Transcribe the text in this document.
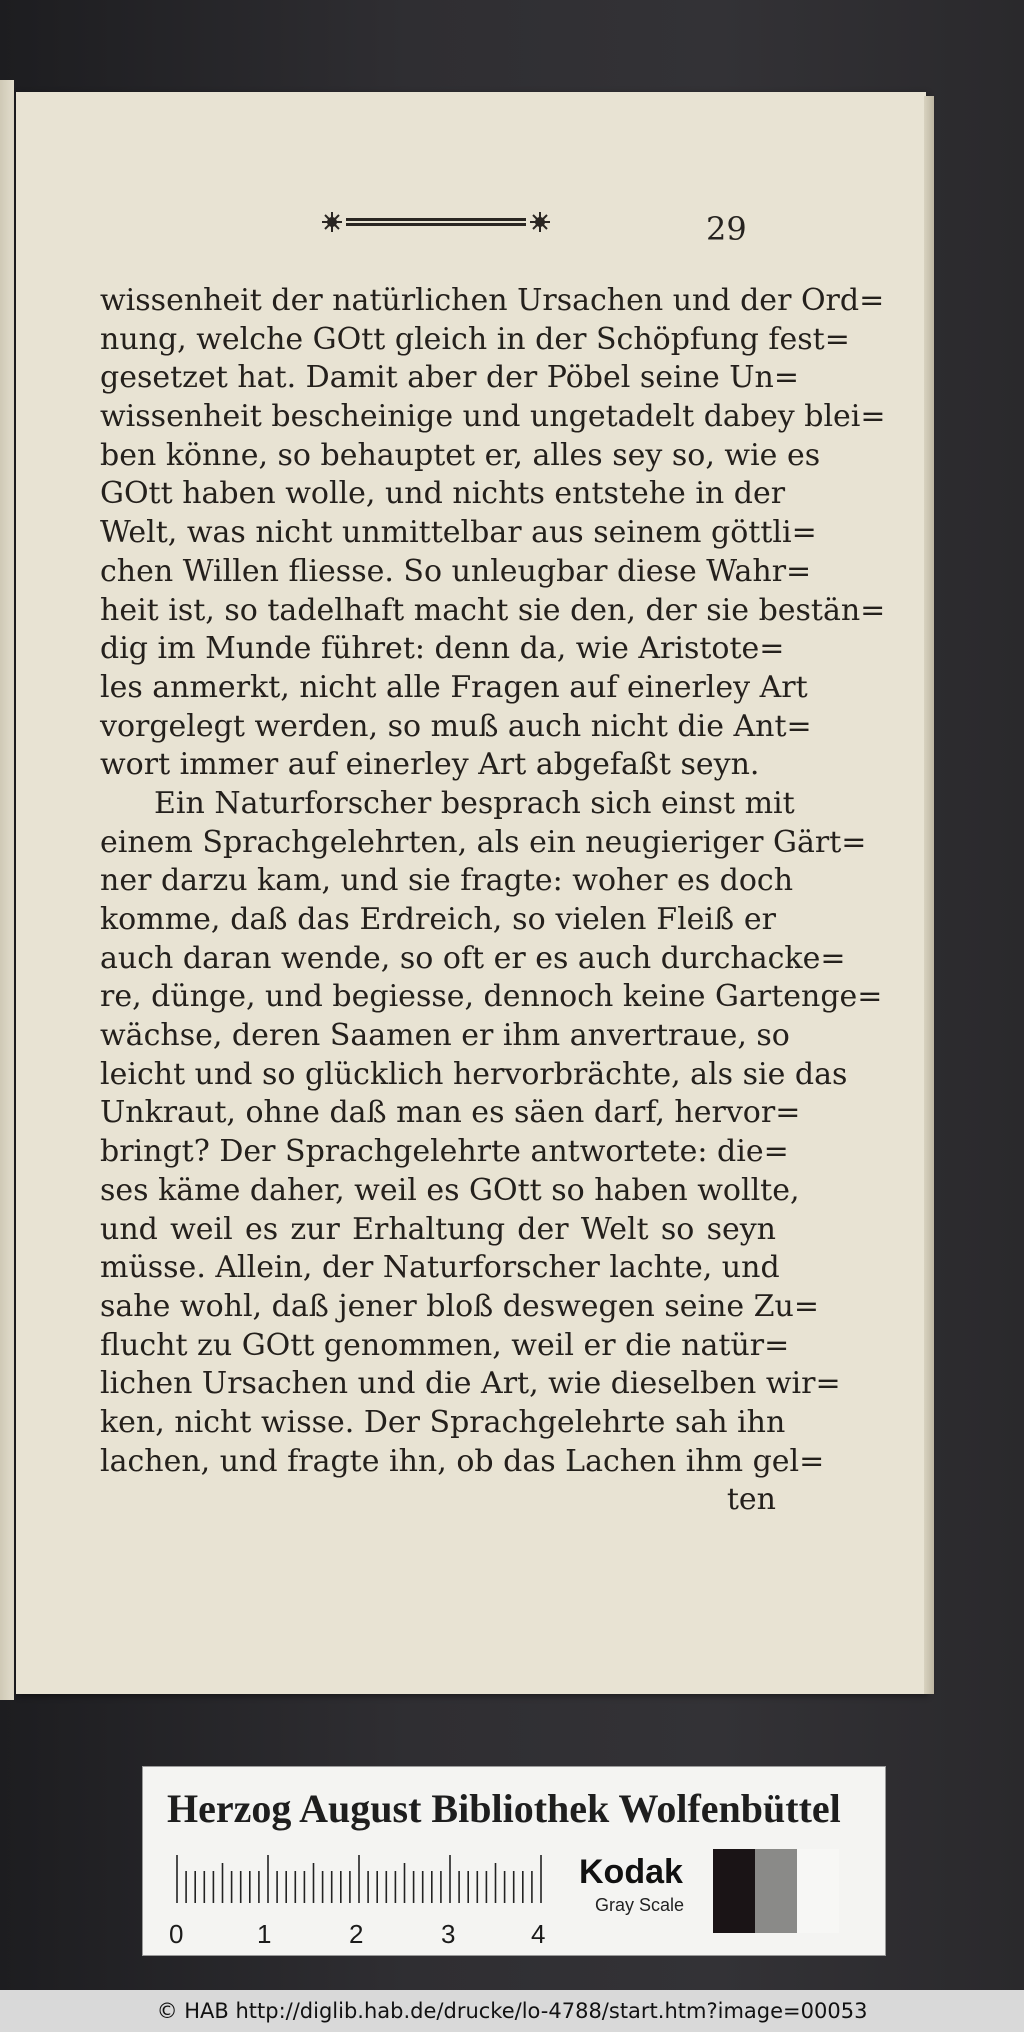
29
wissenheit der natürlichen Ursachen und der Ord=
nung, welche GOtt gleich in der Schöpfung fest=
gesetzet hat. Damit aber der Pöbel seine Un=
wissenheit bescheinige und ungetadelt dabey blei=
ben könne, so behauptet er, alles sey so, wie es
GOtt haben wolle, und nichts entstehe in der
Welt, was nicht unmittelbar aus seinem göttli=
chen Willen fliesse. So unleugbar diese Wahr=
heit ist, so tadelhaft macht sie den, der sie bestän=
dig im Munde führet: denn da, wie Aristote=
les anmerkt, nicht alle Fragen auf einerley Art
vorgelegt werden, so muß auch nicht die Ant=
wort immer auf einerley Art abgefaßt seyn.
Ein Naturforscher besprach sich einst mit
einem Sprachgelehrten, als ein neugieriger Gärt=
ner darzu kam, und sie fragte: woher es doch
komme, daß das Erdreich, so vielen Fleiß er
auch daran wende, so oft er es auch durchacke=
re, dünge, und begiesse, dennoch keine Gartenge=
wächse, deren Saamen er ihm anvertraue, so
leicht und so glücklich hervorbrächte, als sie das
Unkraut, ohne daß man es säen darf, hervor=
bringt? Der Sprachgelehrte antwortete: die=
ses käme daher, weil es GOtt so haben wollte,
und weil es zur Erhaltung der Welt so seyn
müsse. Allein, der Naturforscher lachte, und
sahe wohl, daß jener bloß deswegen seine Zu=
flucht zu GOtt genommen, weil er die natür=
lichen Ursachen und die Art, wie dieselben wir=
ken, nicht wisse. Der Sprachgelehrte sah ihn
lachen, und fragte ihn, ob das Lachen ihm gel=
ten
Herzog August Bibliothek Wolfenbüttel
0	1	2	3	4
Kodak
Gray Scale
© HAB http://diglib.hab.de/drucke/lo-4788/start.htm?image=00053
